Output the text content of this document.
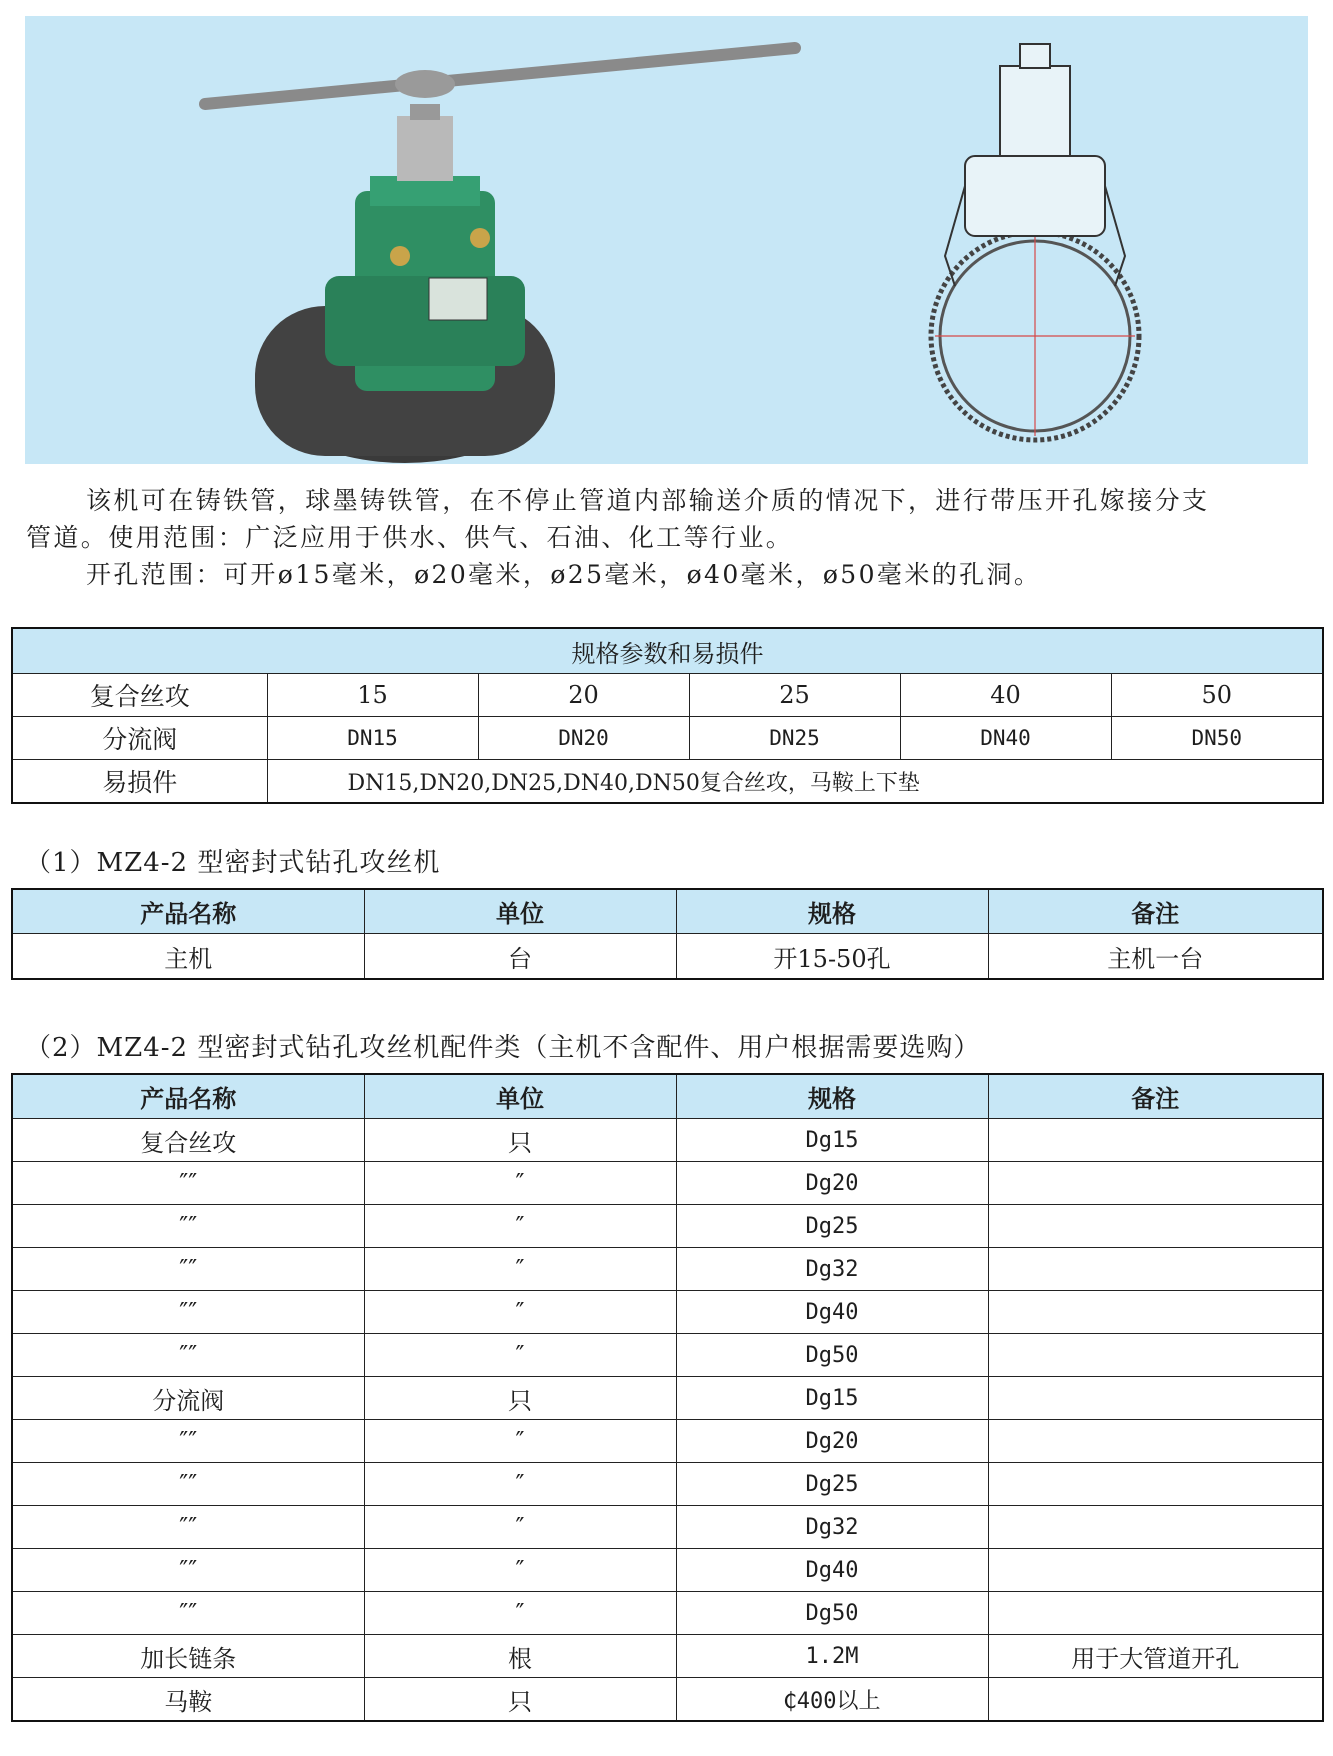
该机可在铸铁管，球墨铸铁管，在不停止管道内部输送介质的情况下，进行带压开孔嫁接分支

管道。使用范围：广泛应用于供水、供气、石油、化工等行业。

开孔范围：可开ø15毫米，ø20毫米，ø25毫米，ø40毫米，ø50毫米的孔洞。

规格参数和易损件					
复合丝攻	15	20	25	40	50
分流阀	DN15	DN20	DN25	DN40	DN50
易损件	DN15,DN20,DN25,DN40,DN50复合丝攻，马鞍上下垫				
（1）MZ4-2 型密封式钻孔攻丝机
产品名称	单位	规格	备注
主机	台	开15-50孔	主机一台
（2）MZ4-2 型密封式钻孔攻丝机配件类（主机不含配件、用户根据需要选购）
产品名称	单位	规格	备注
复合丝攻	只	Dg15	
″″	″	Dg20	
″″	″	Dg25	
″″	″	Dg32	
″″	″	Dg40	
″″	″	Dg50	
分流阀	只	Dg15	
″″	″	Dg20	
″″	″	Dg25	
″″	″	Dg32	
″″	″	Dg40	
″″	″	Dg50	
加长链条	根	1.2M	用于大管道开孔
马鞍	只	₵400以上	
